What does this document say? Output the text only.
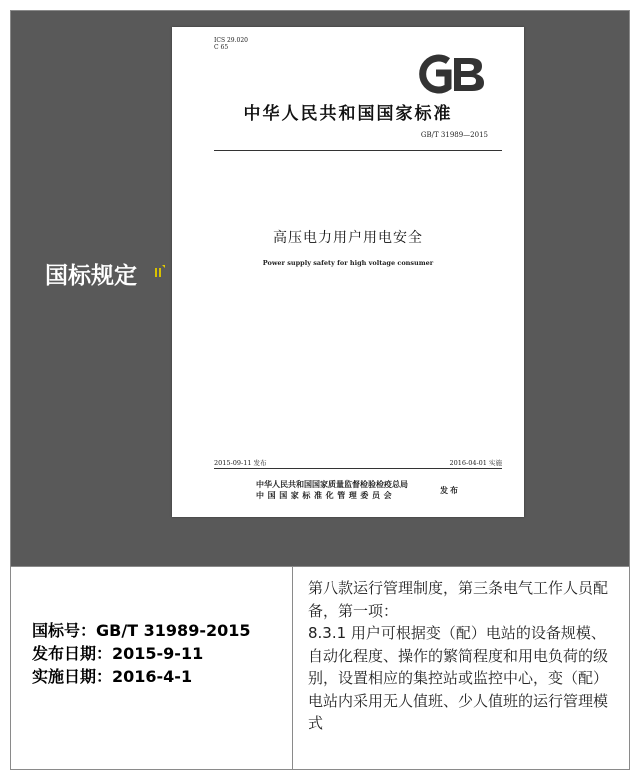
国标规定
ICS 29.020
C 65
中华人民共和国国家标准
GB/T 31989—2015
高压电力用户用电安全
Power supply safety for high voltage consumer
2015-09-11 发布	2016-04-01 实施
中华人民共和国国家质量监督检验检疫总局
中国国家标准化管理委员会	发布
国标号：GB/T 31989-2015
发布日期：2015-9-11
实施日期：2016-4-1

第八款运行管理制度，第三条电气工作人员配备，第一项：

8.3.1 用户可根据变（配）电站的设备规模、自动化程度、操作的繁简程度和用电负荷的级别，设置相应的集控站或监控中心，变（配）电站内采用无人值班、少人值班的运行管理模式
